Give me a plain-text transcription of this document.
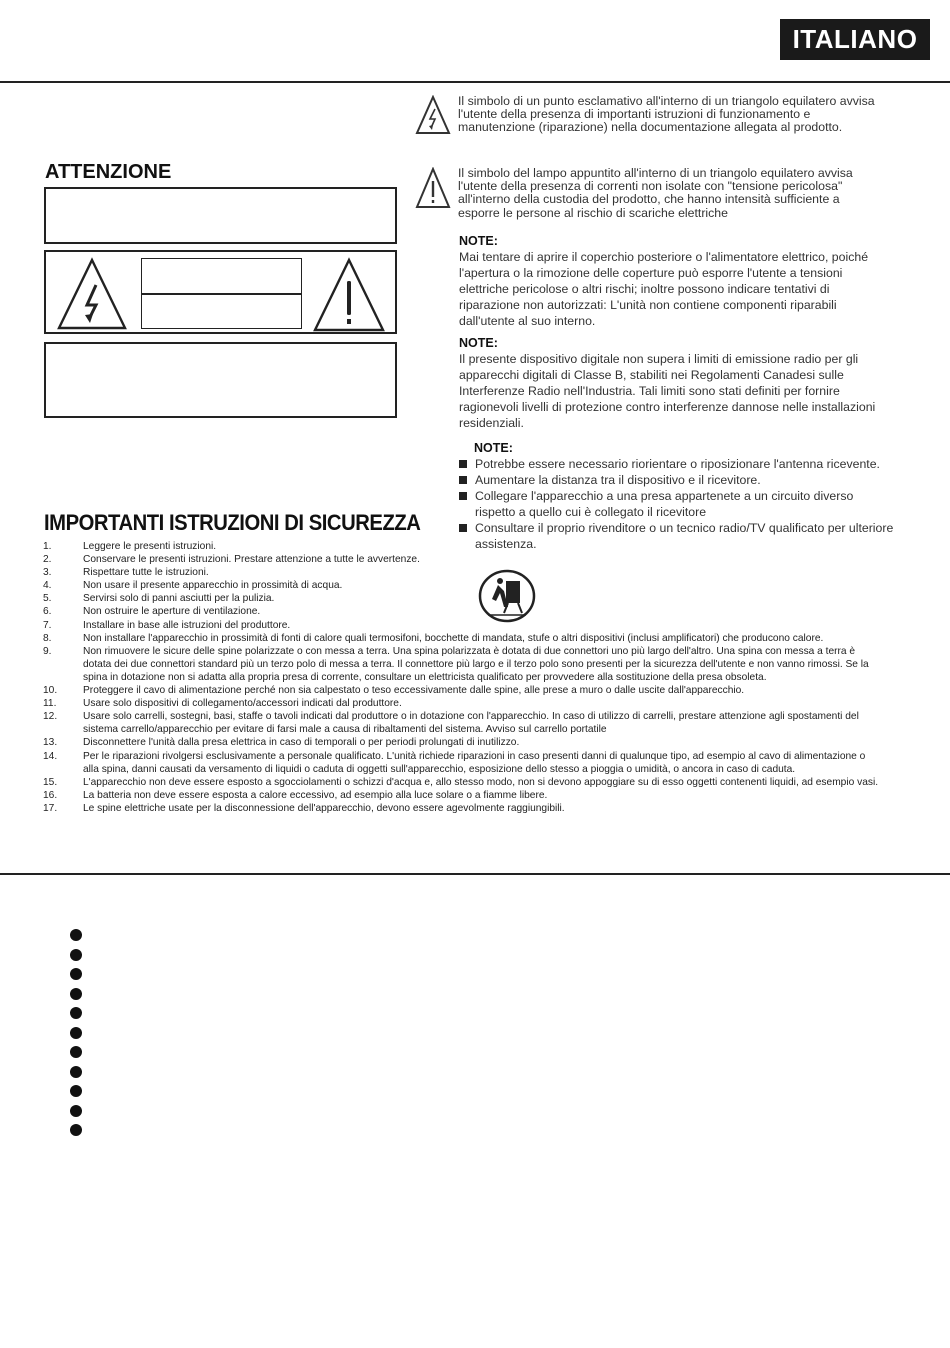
ITALIANO
Il simbolo di un punto esclamativo all'interno di un triangolo equilatero avvisa l'utente della presenza di importanti istruzioni di funzionamento e manutenzione (riparazione) nella documentazione allegata al prodotto.
Il simbolo del lampo appuntito all'interno di un triangolo equilatero avvisa l'utente della presenza di correnti non isolate con "tensione pericolosa" all'interno della custodia del prodotto, che hanno intensità sufficiente a esporre le persone al rischio di scariche elettriche
ATTENZIONE
NOTE:
Mai tentare di aprire il coperchio posteriore o l'alimentatore elettrico, poiché l'apertura o la rimozione delle coperture può esporre l'utente a tensioni elettriche pericolose o altri rischi; inoltre possono indicare tentativi di riparazione non autorizzati: L'unità non contiene componenti riparabili dall'utente al suo interno.
NOTE:
Il presente dispositivo digitale non supera i limiti di emissione radio per gli apparecchi digitali di Classe B, stabiliti nei Regolamenti Canadesi sulle Interferenze Radio nell'Industria. Tali limiti sono stati definiti per fornire ragionevoli livelli di protezione contro interferenze dannose nelle installazioni residenziali.
NOTE:
Potrebbe essere necessario riorientare o riposizionare l'antenna ricevente.
Aumentare la distanza tra il dispositivo e il ricevitore.
Collegare l'apparecchio a una presa appartenete a un circuito diverso rispetto a quello cui è collegato il ricevitore
Consultare il proprio rivenditore o un tecnico radio/TV qualificato per ulteriore assistenza.
IMPORTANTI ISTRUZIONI DI SICUREZZA
1.	Leggere le presenti istruzioni.
2.	Conservare le presenti istruzioni. Prestare attenzione a tutte le avvertenze.
3.	Rispettare tutte le istruzioni.
4.	Non usare il presente apparecchio in prossimità di acqua.
5.	Servirsi solo di panni asciutti per la pulizia.
6.	Non ostruire le aperture di ventilazione.
7.	Installare in base alle istruzioni del produttore.
8.	Non installare l'apparecchio in prossimità di fonti di calore quali termosifoni, bocchette di mandata, stufe o altri dispositivi (inclusi amplificatori) che producono calore.
9.	Non rimuovere le sicure delle spine polarizzate o con messa a terra. Una spina polarizzata è dotata di due connettori uno più largo dell'altro. Una spina con messa a terra è dotata dei due connettori standard più un terzo polo di messa a terra. Il connettore più largo e il terzo polo sono presenti per la sicurezza dell'utente e non vanno rimossi. Se la spina in dotazione non si adatta alla propria presa di corrente, consultare un elettricista qualificato per provvedere alla sostituzione della presa obsoleta.
10.	Proteggere il cavo di alimentazione perché non sia calpestato o teso eccessivamente dalle spine, alle prese a muro o dalle uscite dall'apparecchio.
11.	Usare solo dispositivi di collegamento/accessori indicati dal produttore.
12.	Usare solo carrelli, sostegni, basi, staffe o tavoli indicati dal produttore o in dotazione con l'apparecchio. In caso di utilizzo di carrelli, prestare attenzione agli spostamenti del sistema carrello/apparecchio per evitare di farsi male a causa di ribaltamenti del sistema. Avviso sul carrello portatile
13.	Disconnettere l'unità dalla presa elettrica in caso di temporali o per periodi prolungati di inutilizzo.
14.	Per le riparazioni rivolgersi esclusivamente a personale qualificato. L'unità richiede riparazioni in caso presenti danni di qualunque tipo, ad esempio al cavo di alimentazione o alla spina, danni causati da versamento di liquidi o caduta di oggetti sull'apparecchio, esposizione dello stesso a pioggia o umidità, o ancora in caso di caduta.
15.	L'apparecchio non deve essere esposto a sgocciolamenti o schizzi d'acqua e, allo stesso modo, non si devono appoggiare su di esso oggetti contenenti liquidi, ad esempio vasi.
16.	La batteria non deve essere esposta a calore eccessivo, ad esempio alla luce solare o a fiamme libere.
17.	Le spine elettriche usate per la disconnessione dell'apparecchio, devono essere agevolmente raggiungibili.
